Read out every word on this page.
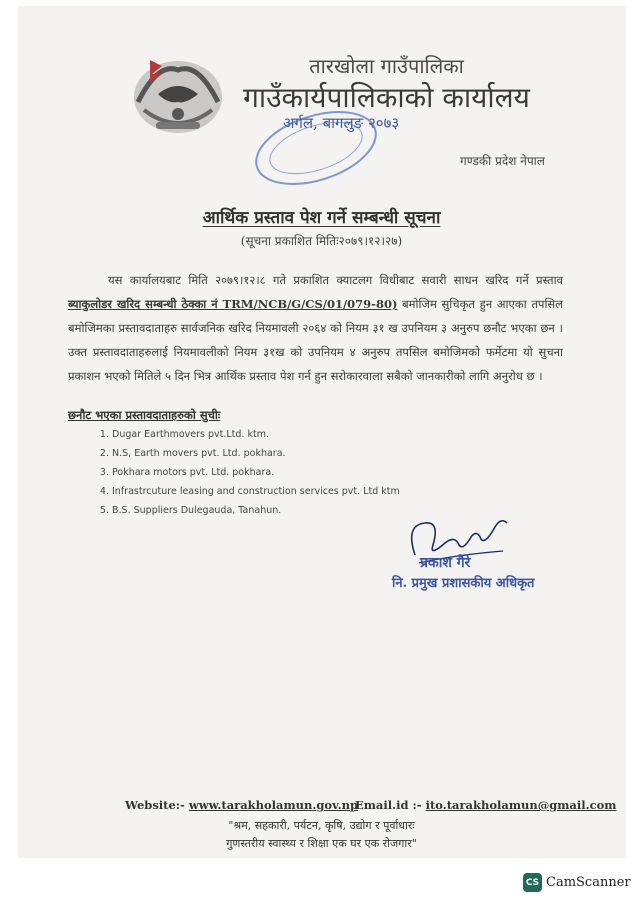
तारखोला गाउँपालिका
गाउँकार्यपालिकाको कार्यालय
अर्गल, बागलुङ २०७३
गण्डकी प्रदेश नेपाल
आर्थिक प्रस्ताव पेश गर्ने सम्बन्धी सूचना
(सूचना प्रकाशित मितिः२०७९।१२।२७)

यस कार्यालयबाट मिति २०७९।१२।८ गते प्रकाशित क्याटलग विधीबाट सवारी साधन खरिद गर्ने प्रस्ताव ब्याकुलोडर खरिद सम्बन्धी ठेक्का नं TRM/NCB/G/CS/01/079-80) बमोजिम सुचिकृत हुन आएका तपसिल बमोजिमका प्रस्तावदाताहरु सार्वजनिक खरिद नियमावली २०६४ को नियम ३१ ख उपनियम ३ अनुरुप छनौट भएका छन । उक्त प्रस्तावदाताहरुलाई नियमावलीको नियम ३१ख को उपनियम ४ अनुरुप तपसिल बमोजिमको फर्मेटमा यो सुचना प्रकाशन भएको मितिले ५ दिन भित्र आर्थिक प्रस्ताव पेश गर्न हुन सरोकारवाला सबैको जानकारीको लागि अनुरोध छ ।

छनौट भएका प्रस्तावदाताहरुको सुचीः
1. Dugar Earthmovers pvt.Ltd. ktm.
2. N.S, Earth movers pvt. Ltd. pokhara.
3. Pokhara motors pvt. Ltd. pokhara.
4. Infrastrcuture leasing and construction services pvt. Ltd ktm
5. B.S. Suppliers Dulegauda, Tanahun.
प्रकाश गैरे
नि. प्रमुख प्रशासकीय अधिकृत
Website:- www.tarakholamun.gov.np
Email.id :- ito.tarakholamun@gmail.com
"श्रम, सहकारी, पर्यटन, कृषि, उद्योग र पूर्वाधारः
गुणस्तरीय स्वास्थ्य र शिक्षा एक घर एक रोजगार"
CS CamScanner
